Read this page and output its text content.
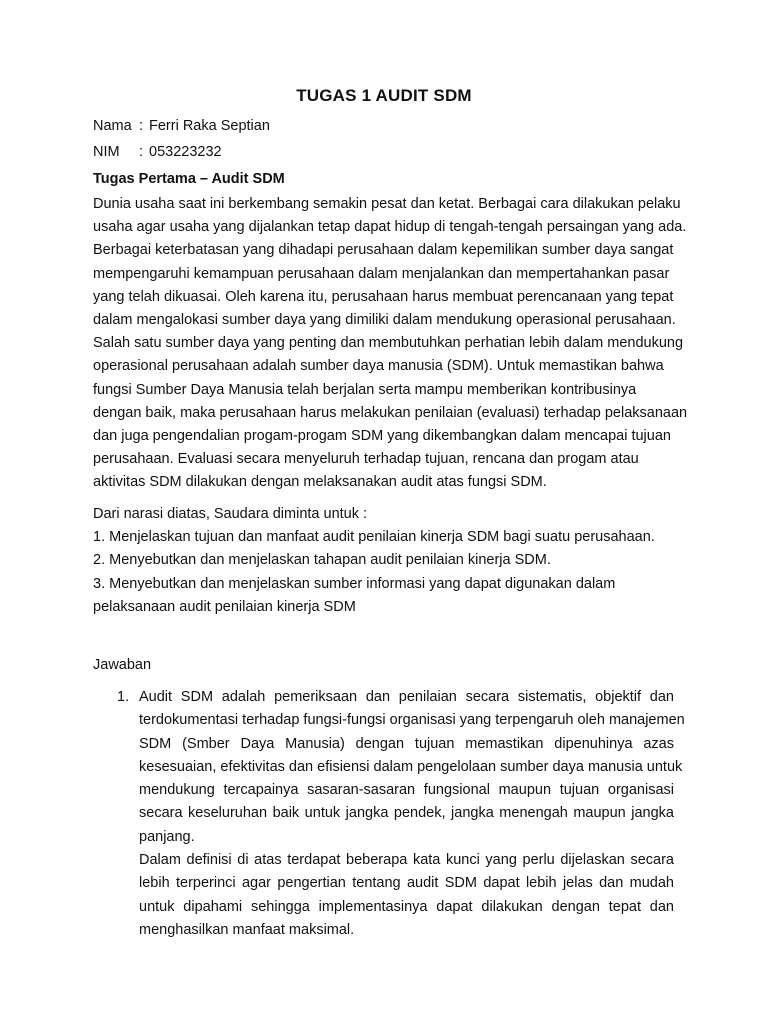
TUGAS 1 AUDIT SDM
Nama : Ferri Raka Septian
NIM : 053223232
Tugas Pertama – Audit SDM
Dunia usaha saat ini berkembang semakin pesat dan ketat. Berbagai cara dilakukan pelaku
usaha agar usaha yang dijalankan tetap dapat hidup di tengah-tengah persaingan yang ada.
Berbagai keterbatasan yang dihadapi perusahaan dalam kepemilikan sumber daya sangat
mempengaruhi kemampuan perusahaan dalam menjalankan dan mempertahankan pasar
yang telah dikuasai. Oleh karena itu, perusahaan harus membuat perencanaan yang tepat
dalam mengalokasi sumber daya yang dimiliki dalam mendukung operasional perusahaan.
Salah satu sumber daya yang penting dan membutuhkan perhatian lebih dalam mendukung
operasional perusahaan adalah sumber daya manusia (SDM). Untuk memastikan bahwa
fungsi Sumber Daya Manusia telah berjalan serta mampu memberikan kontribusinya
dengan baik, maka perusahaan harus melakukan penilaian (evaluasi) terhadap pelaksanaan
dan juga pengendalian progam-progam SDM yang dikembangkan dalam mencapai tujuan
perusahaan. Evaluasi secara menyeluruh terhadap tujuan, rencana dan progam atau
aktivitas SDM dilakukan dengan melaksanakan audit atas fungsi SDM.
Dari narasi diatas, Saudara diminta untuk :
1. Menjelaskan tujuan dan manfaat audit penilaian kinerja SDM bagi suatu perusahaan.
2. Menyebutkan dan menjelaskan tahapan audit penilaian kinerja SDM.
3. Menyebutkan dan menjelaskan sumber informasi yang dapat digunakan dalam
pelaksanaan audit penilaian kinerja SDM
Jawaban
1. Audit SDM adalah pemeriksaan dan penilaian secara sistematis, objektif dan
terdokumentasi terhadap fungsi-fungsi organisasi yang terpengaruh oleh manajemen
SDM (Smber Daya Manusia) dengan tujuan memastikan dipenuhinya azas
kesesuaian, efektivitas dan efisiensi dalam pengelolaan sumber daya manusia untuk
mendukung tercapainya sasaran-sasaran fungsional maupun tujuan organisasi
secara keseluruhan baik untuk jangka pendek, jangka menengah maupun jangka
panjang.
Dalam definisi di atas terdapat beberapa kata kunci yang perlu dijelaskan secara
lebih terperinci agar pengertian tentang audit SDM dapat lebih jelas dan mudah
untuk dipahami sehingga implementasinya dapat dilakukan dengan tepat dan
menghasilkan manfaat maksimal.
